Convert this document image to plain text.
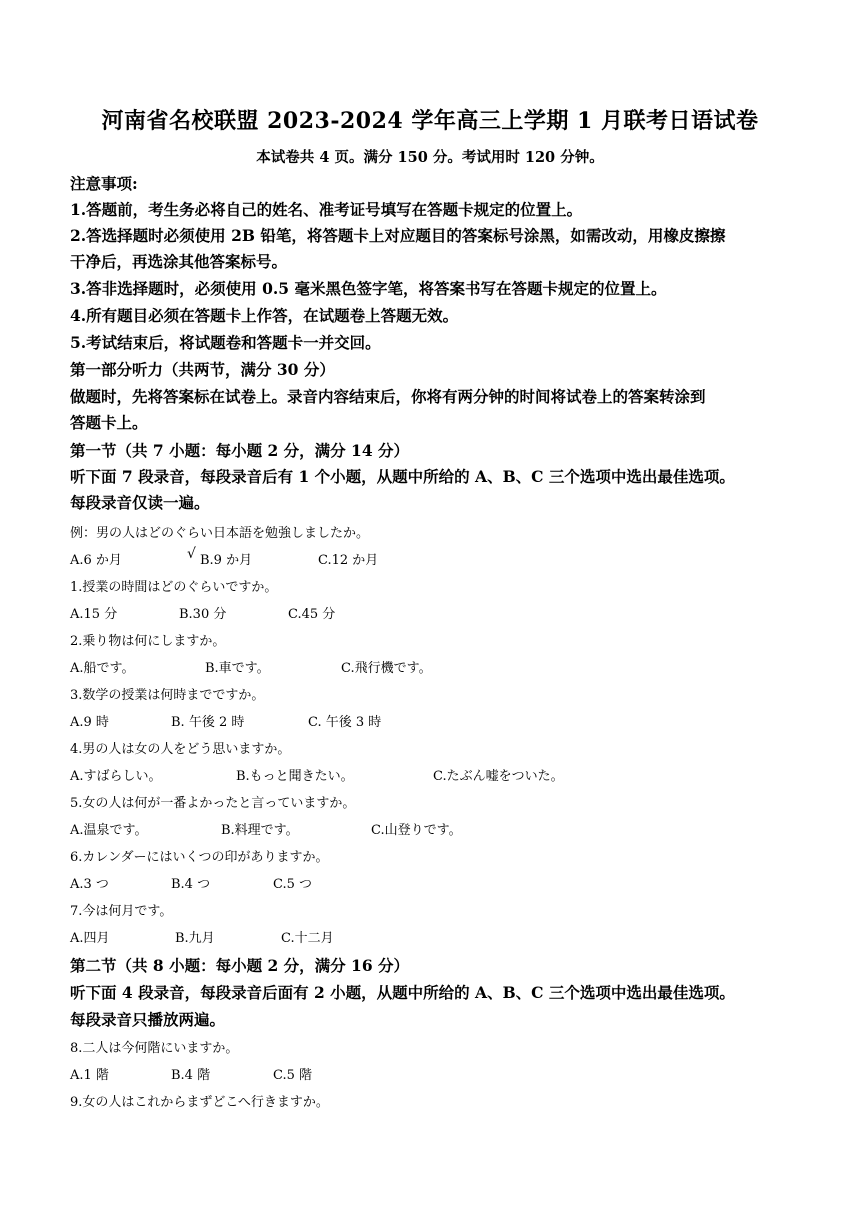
河南省名校联盟 2023-2024 学年高三上学期 1 月联考日语试卷
本试卷共 4 页。满分 150 分。考试用时 120 分钟。
注意事项:
1.答题前，考生务必将自己的姓名、准考证号填写在答题卡规定的位置上。
2.答选择题时必须使用 2B 铅笔，将答题卡上对应题目的答案标号涂黑，如需改动，用橡皮擦擦
干净后，再选涂其他答案标号。
3.答非选择题时，必须使用 0.5 毫米黑色签字笔，将答案书写在答题卡规定的位置上。
4.所有题目必须在答题卡上作答，在试题卷上答题无效。
5.考试结束后，将试题卷和答题卡一并交回。
第一部分听力（共两节，满分 30 分）
做题时，先将答案标在试卷上。录音内容结束后，你将有两分钟的时间将试卷上的答案转涂到
答题卡上。
第一节（共 7 小题：每小题 2 分，满分 14 分）
听下面 7 段录音，每段录音后有 1 个小题，从题中所给的 A、B、C 三个选项中选出最佳选项。
每段录音仅读一遍。
例：男の人はどのぐらい日本語を勉強しましたか。
A.6 か月	√ B.9 か月	C.12 か月
1.授業の時間はどのぐらいですか。
A.15 分	B.30 分	C.45 分
2.乗り物は何にしますか。
A.船です。	B.車です。	C.飛行機です。
3.数学の授業は何時までですか。
A.9 時	B. 午後 2 時	C. 午後 3 時
4.男の人は女の人をどう思いますか。
A.すばらしい。	B.もっと聞きたい。	C.たぶん嘘をついた。
5.女の人は何が一番よかったと言っていますか。
A.温泉です。	B.料理です。	C.山登りです。
6.カレンダーにはいくつの印がありますか。
A.3 つ	B.4 つ	C.5 つ
7.今は何月です。
A.四月	B.九月	C.十二月
第二节（共 8 小题：每小题 2 分，满分 16 分）
听下面 4 段录音，每段录音后面有 2 小题，从题中所给的 A、B、C 三个选项中选出最佳选项。
每段录音只播放两遍。
8.二人は今何階にいますか。
A.1 階	B.4 階	C.5 階
9.女の人はこれからまずどこへ行きますか。
